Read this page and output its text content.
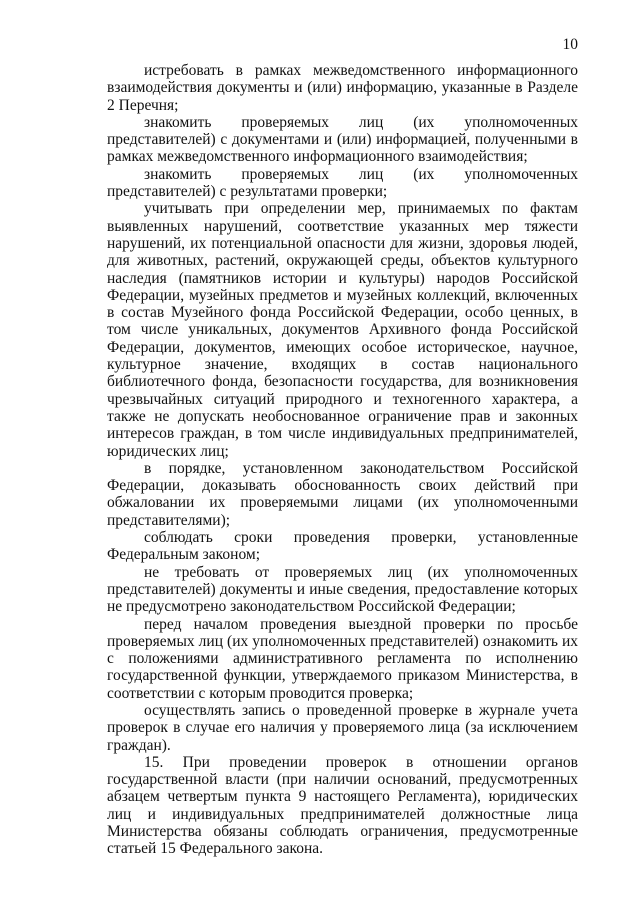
10

истребовать в рамках межведомственного информационного взаимодействия документы и (или) информацию, указанные в Разделе 2 Перечня;

знакомить проверяемых лиц (их уполномоченных представителей) с документами и (или) информацией, полученными в рамках межведомственного информационного взаимодействия;

знакомить проверяемых лиц (их уполномоченных представителей) с результатами проверки;

учитывать при определении мер, принимаемых по фактам выявленных нарушений, соответствие указанных мер тяжести нарушений, их потенциальной опасности для жизни, здоровья людей, для животных, растений, окружающей среды, объектов культурного наследия (памятников истории и культуры) народов Российской Федерации, музейных предметов и музейных коллекций, включенных в состав Музейного фонда Российской Федерации, особо ценных, в том числе уникальных, документов Архивного фонда Российской Федерации, документов, имеющих особое историческое, научное, культурное значение, входящих в состав национального библиотечного фонда, безопасности государства, для возникновения чрезвычайных ситуаций природного и техногенного характера, а также не допускать необоснованное ограничение прав и законных интересов граждан, в том числе индивидуальных предпринимателей, юридических лиц;

в порядке, установленном законодательством Российской Федерации, доказывать обоснованность своих действий при обжаловании их проверяемыми лицами (их уполномоченными представителями);

соблюдать сроки проведения проверки, установленные Федеральным законом;

не требовать от проверяемых лиц (их уполномоченных представителей) документы и иные сведения, предоставление которых не предусмотрено законодательством Российской Федерации;

перед началом проведения выездной проверки по просьбе проверяемых лиц (их уполномоченных представителей) ознакомить их с положениями административного регламента по исполнению государственной функции, утверждаемого приказом Министерства, в соответствии с которым проводится проверка;

осуществлять запись о проведенной проверке в журнале учета проверок в случае его наличия у проверяемого лица (за исключением граждан).

15. При проведении проверок в отношении органов государственной власти (при наличии оснований, предусмотренных абзацем четвертым пункта 9 настоящего Регламента), юридических лиц и индивидуальных предпринимателей должностные лица Министерства обязаны соблюдать ограничения, предусмотренные статьей 15 Федерального закона.
